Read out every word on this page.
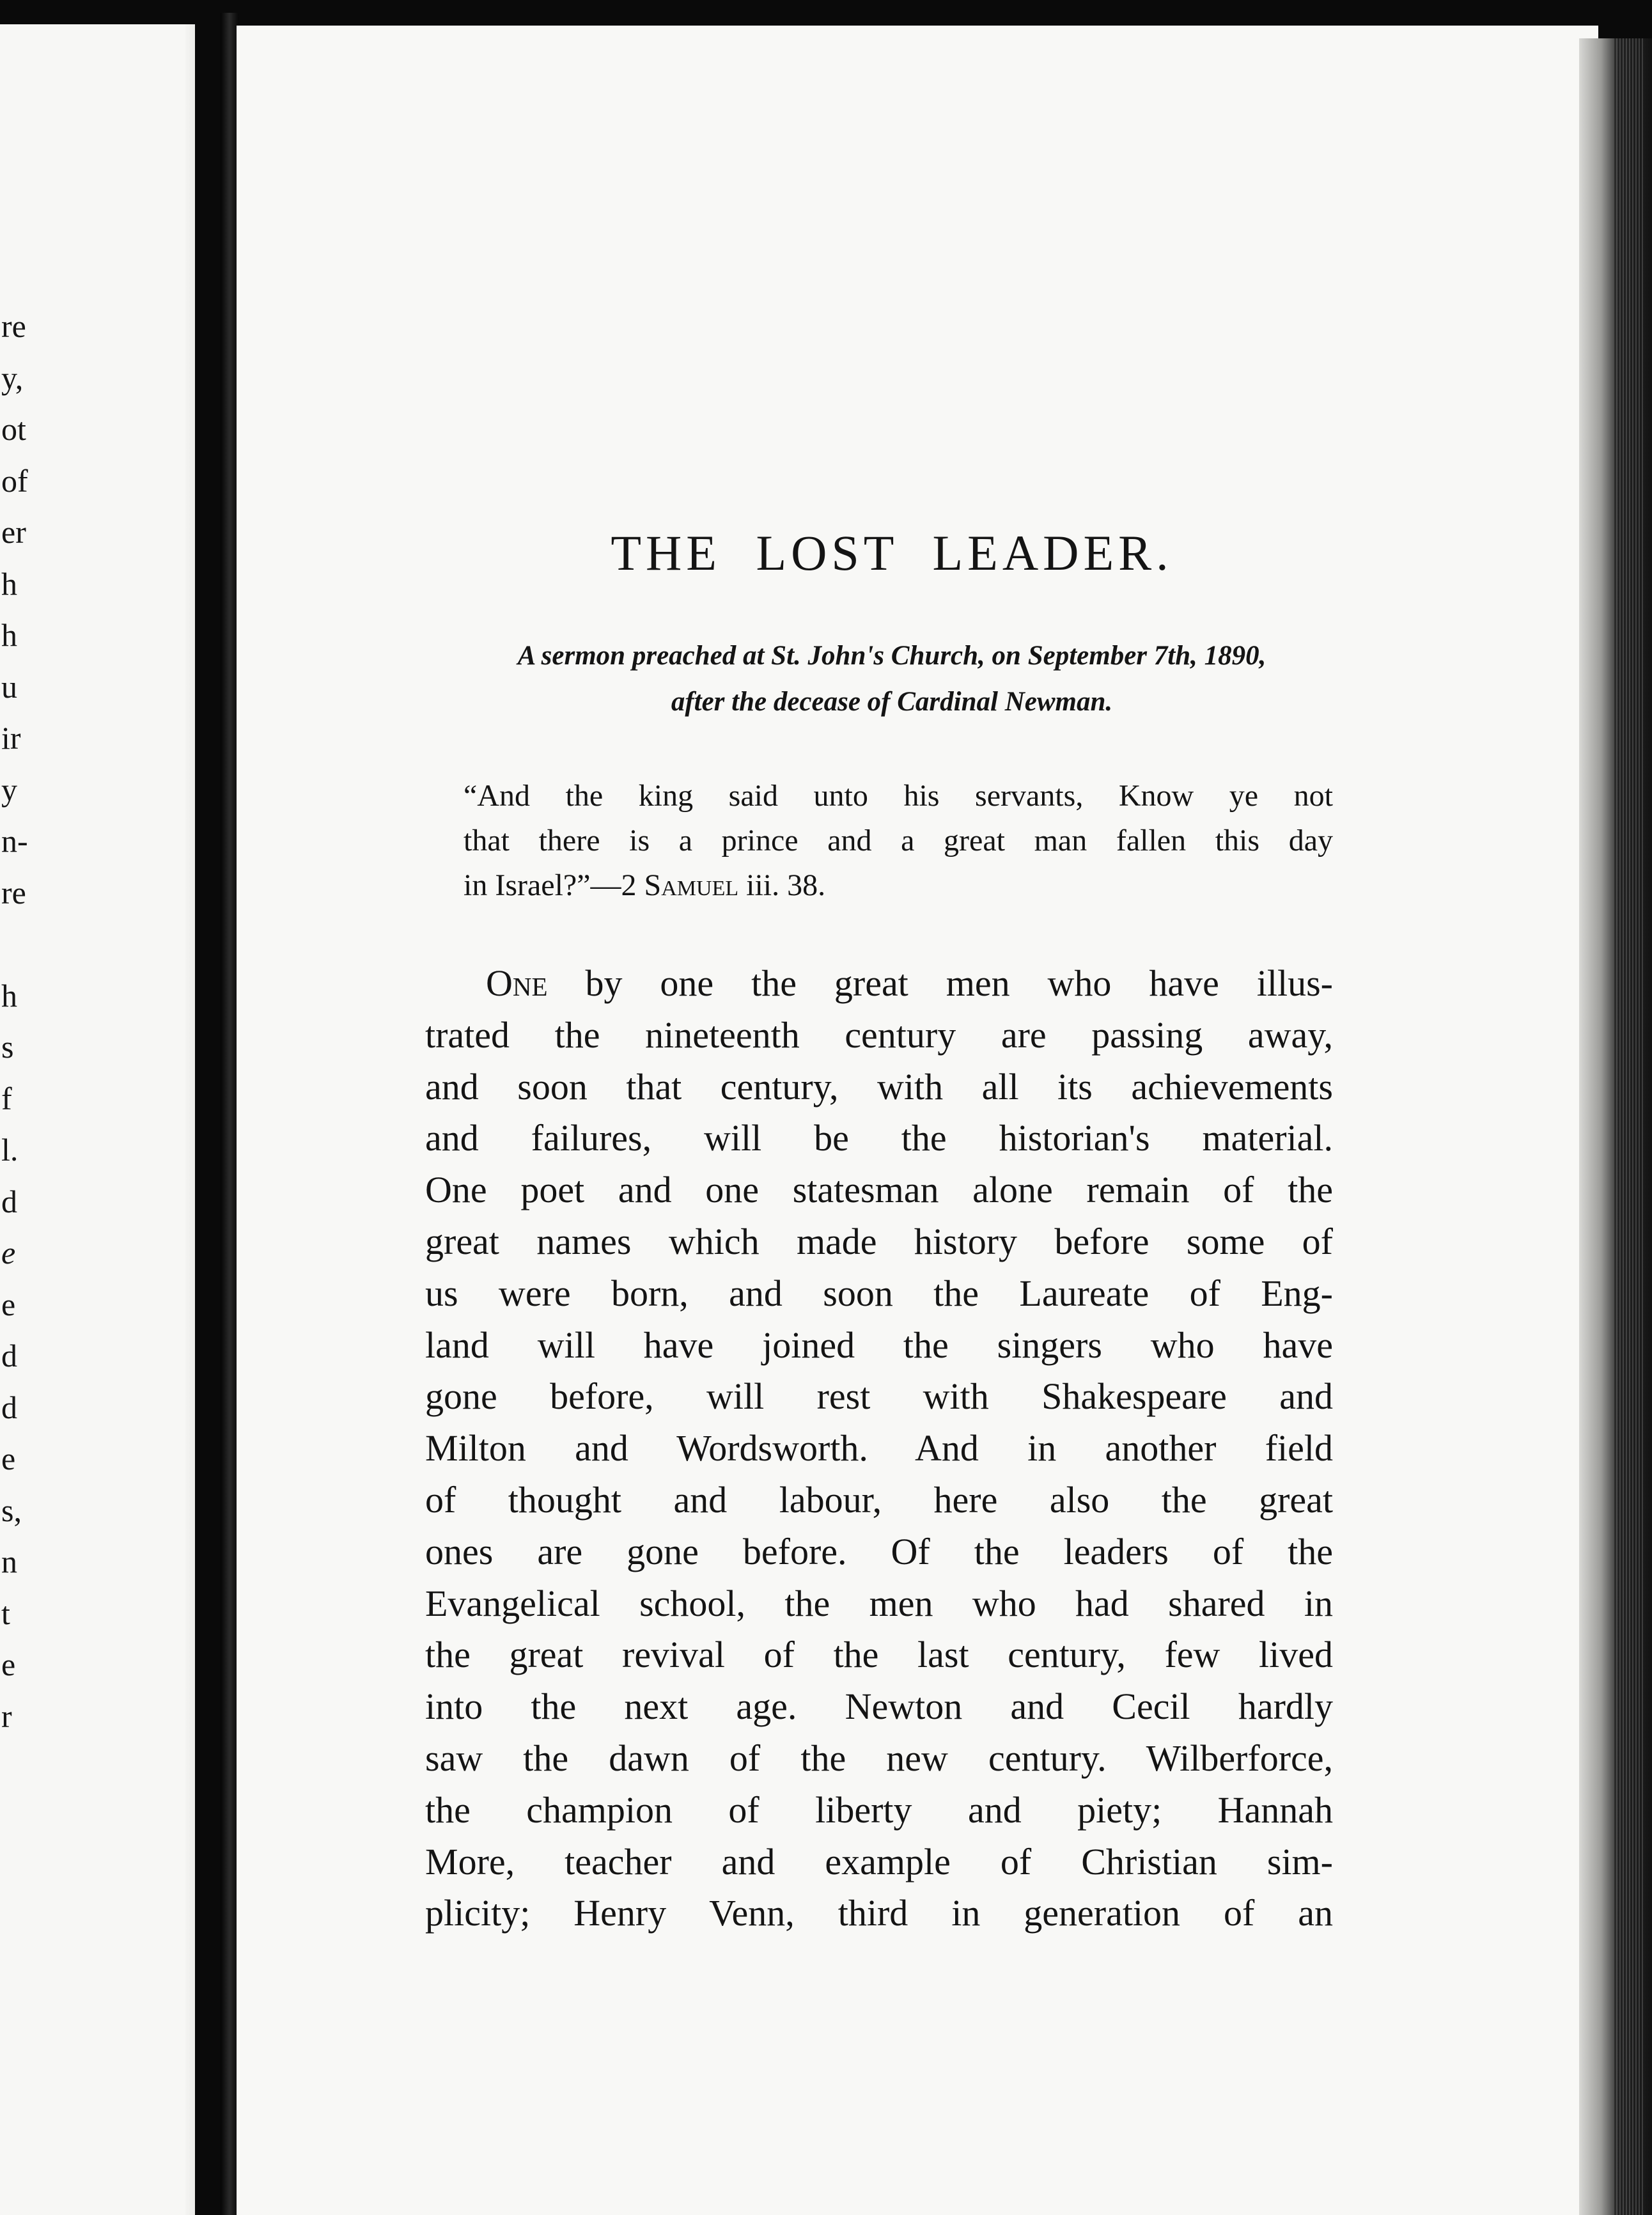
re
y,
ot
of
er
h
h
u
ir
y
n-
re
h
s
f
l.
d
e
e
d
d
e
s,
n
t
e
r
THE LOST LEADER.
A sermon preached at St. John's Church, on September 7th, 1890,
after the decease of Cardinal Newman.
“And the king said unto his servants, Know ye not
that there is a prince and a great man fallen this day
in Israel?”—2 Samuel iii. 38.
One by one the great men who have illus-
trated the nineteenth century are passing away,
and soon that century, with all its achievements
and failures, will be the historian's material.
One poet and one statesman alone remain of the
great names which made history before some of
us were born, and soon the Laureate of Eng-
land will have joined the singers who have
gone before, will rest with Shakespeare and
Milton and Wordsworth. And in another field
of thought and labour, here also the great
ones are gone before. Of the leaders of the
Evangelical school, the men who had shared in
the great revival of the last century, few lived
into the next age. Newton and Cecil hardly
saw the dawn of the new century. Wilberforce,
the champion of liberty and piety; Hannah
More, teacher and example of Christian sim-
plicity; Henry Venn, third in generation of an
